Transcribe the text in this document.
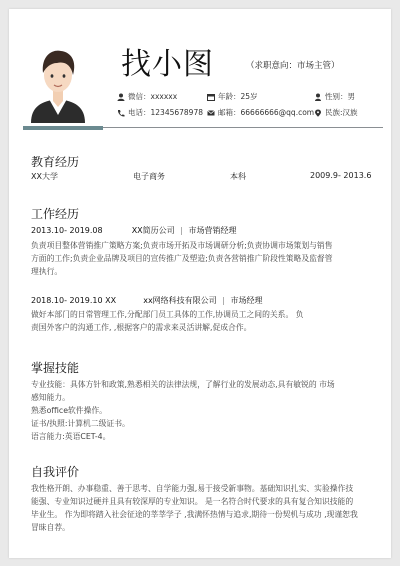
找小图	（求职意向：市场主管）
微信：xxxxxx	年龄：25岁	性别：男
电话：12345678978 邮箱：66666666@qq.com 民族:汉族
教育经历
XX大学	电子商务	本科	2009.9- 2013.6
工作经历
2013.10- 2019.08	XX简历公司 | 市场营销经理
负责项目整体营销推广策略方案;负责市场开拓及市场调研分析;负责协调市场策划与销售
方面的工作;负责企业品牌及项目的宣传推广及塑造;负责各营销推广阶段性策略及监督管
理执行。
2018.10- 2019.10 XX	xx网络科技有限公司 | 市场经理
做好本部门的日常管理工作,分配部门员工具体的工作,协调员工之间的关系。 负
责国外客户的沟通工作, ,根据客户的需求来灵活讲解,促成合作。
掌握技能
专业技能：具体方针和政策,熟悉相关的法律法规，了解行业的发展动态,具有敏锐的 市场
感知能力。
熟悉office软件操作。
证书/执照:计算机二级证书。
语言能力:英语CET-4。
自我评价
我性格开朗、办事稳重、善于思考、自学能力强,易于接受新事物。基础知识扎实、实验操作技
能强、专业知识过硬并且具有较深厚的专业知识。 是一名符合时代要求的具有复合知识技能的
毕业生。 作为即将踏入社会征途的莘莘学子 ,我满怀热情与追求,期待一份契机与成功 ,现谨恕我
冒昧自荐。
